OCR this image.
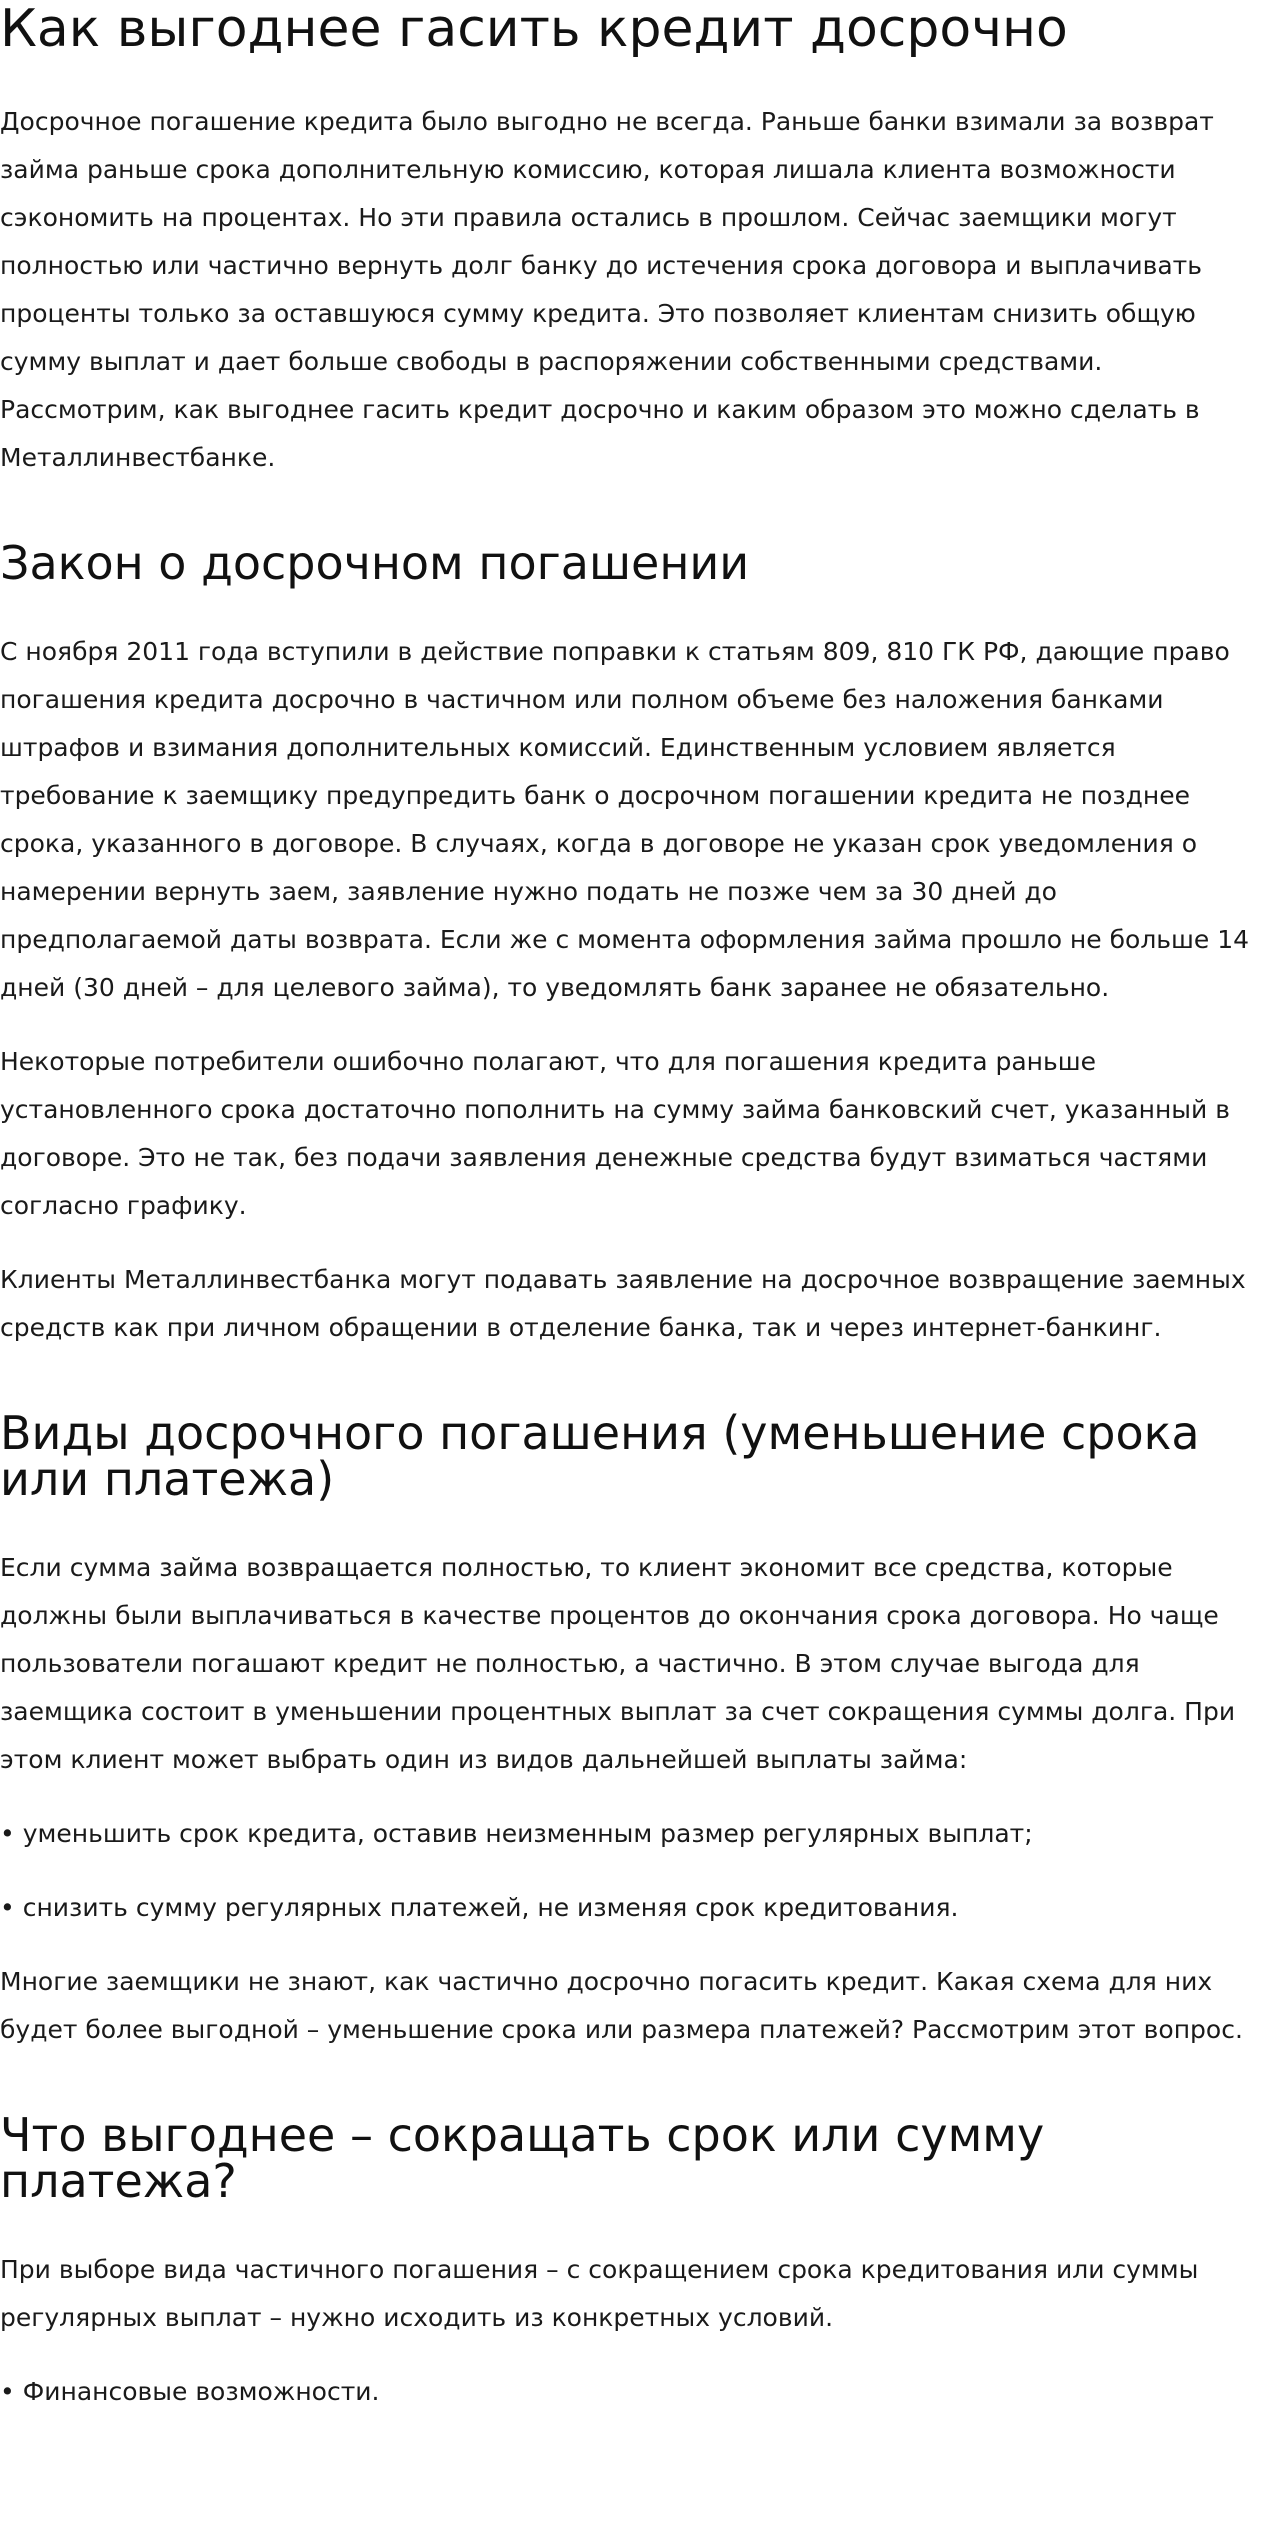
Как выгоднее гасить кредит досрочно

Досрочное погашение кредита было выгодно не всегда. Раньше банки взимали за возврат займа раньше срока дополнительную комиссию, которая лишала клиента возможности сэкономить на процентах. Но эти правила остались в прошлом. Сейчас заемщики могут полностью или частично вернуть долг банку до истечения срока договора и выплачивать проценты только за оставшуюся сумму кредита. Это позволяет клиентам снизить общую сумму выплат и дает больше свободы в распоряжении собственными средствами. Рассмотрим, как выгоднее гасить кредит досрочно и каким образом это можно сделать в Металлинвестбанке.

Закон о досрочном погашении

С ноября 2011 года вступили в действие поправки к статьям 809, 810 ГК РФ, дающие право погашения кредита досрочно в частичном или полном объеме без наложения банками штрафов и взимания дополнительных комиссий. Единственным условием является требование к заемщику предупредить банк о досрочном погашении кредита не позднее срока, указанного в договоре. В случаях, когда в договоре не указан срок уведомления о намерении вернуть заем, заявление нужно подать не позже чем за 30 дней до предполагаемой даты возврата. Если же с момента оформления займа прошло не больше 14 дней (30 дней – для целевого займа), то уведомлять банк заранее не обязательно.

Некоторые потребители ошибочно полагают, что для погашения кредита раньше установленного срока достаточно пополнить на сумму займа банковский счет, указанный в договоре. Это не так, без подачи заявления денежные средства будут взиматься частями согласно графику.

Клиенты Металлинвестбанка могут подавать заявление на досрочное возвращение заемных средств как при личном обращении в отделение банка, так и через интернет-банкинг.

Виды досрочного погашения (уменьшение срока или платежа)

Если сумма займа возвращается полностью, то клиент экономит все средства, которые должны были выплачиваться в качестве процентов до окончания срока договора. Но чаще пользователи погашают кредит не полностью, а частично. В этом случае выгода для заемщика состоит в уменьшении процентных выплат за счет сокращения суммы долга. При этом клиент может выбрать один из видов дальнейшей выплаты займа:

• уменьшить срок кредита, оставив неизменным размер регулярных выплат;

• снизить сумму регулярных платежей, не изменяя срок кредитования.

Многие заемщики не знают, как частично досрочно погасить кредит. Какая схема для них будет более выгодной – уменьшение срока или размера платежей? Рассмотрим этот вопрос.

Что выгоднее – сокращать срок или сумму платежа?

При выборе вида частичного погашения – с сокращением срока кредитования или суммы регулярных выплат – нужно исходить из конкретных условий.

• Финансовые возможности.
